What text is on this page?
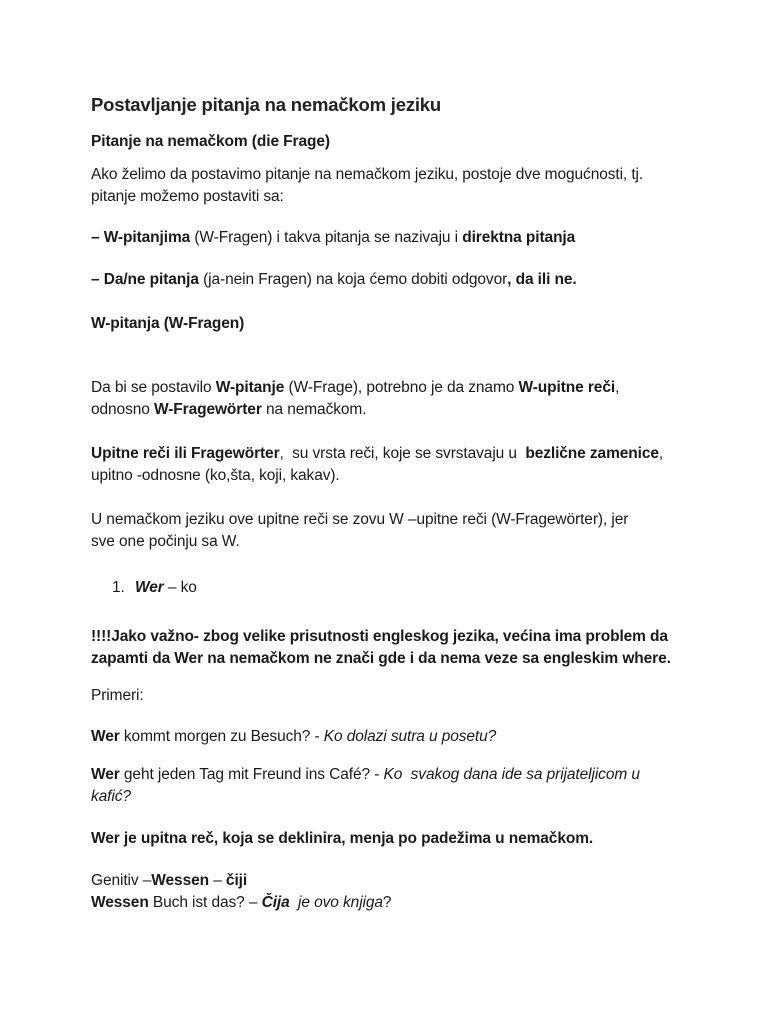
Postavljanje pitanja na nemačkom jeziku
Pitanje na nemačkom (die Frage)
Ako želimo da postavimo pitanje na nemačkom jeziku, postoje dve mogućnosti, tj.
pitanje možemo postaviti sa:
– W-pitanjima (W-Fragen) i takva pitanja se nazivaju i direktna pitanja
– Da/ne pitanja (ja-nein Fragen) na koja ćemo dobiti odgovor, da ili ne.
W-pitanja (W-Fragen)
Da bi se postavilo W-pitanje (W-Frage), potrebno je da znamo W-upitne reči,
odnosno W-Fragewörter na nemačkom.
Upitne reči ili Fragewörter,  su vrsta reči, koje se svrstavaju u  bezlične zamenice,
upitno -odnosne (ko,šta, koji, kakav).
U nemačkom jeziku ove upitne reči se zovu W –upitne reči (W-Fragewörter), jer
sve one počinju sa W.
1. Wer – ko
!!!!Jako važno- zbog velike prisutnosti engleskog jezika, većina ima problem da
zapamti da Wer na nemačkom ne znači gde i da nema veze sa engleskim where.
Primeri:
Wer kommt morgen zu Besuch? - Ko dolazi sutra u posetu?
Wer geht jeden Tag mit Freund ins Café? - Ko  svakog dana ide sa prijateljicom u
kafić?
Wer je upitna reč, koja se deklinira, menja po padežima u nemačkom.
Genitiv –Wessen – čiji
Wessen Buch ist das? – Čija  je ovo knjiga?
